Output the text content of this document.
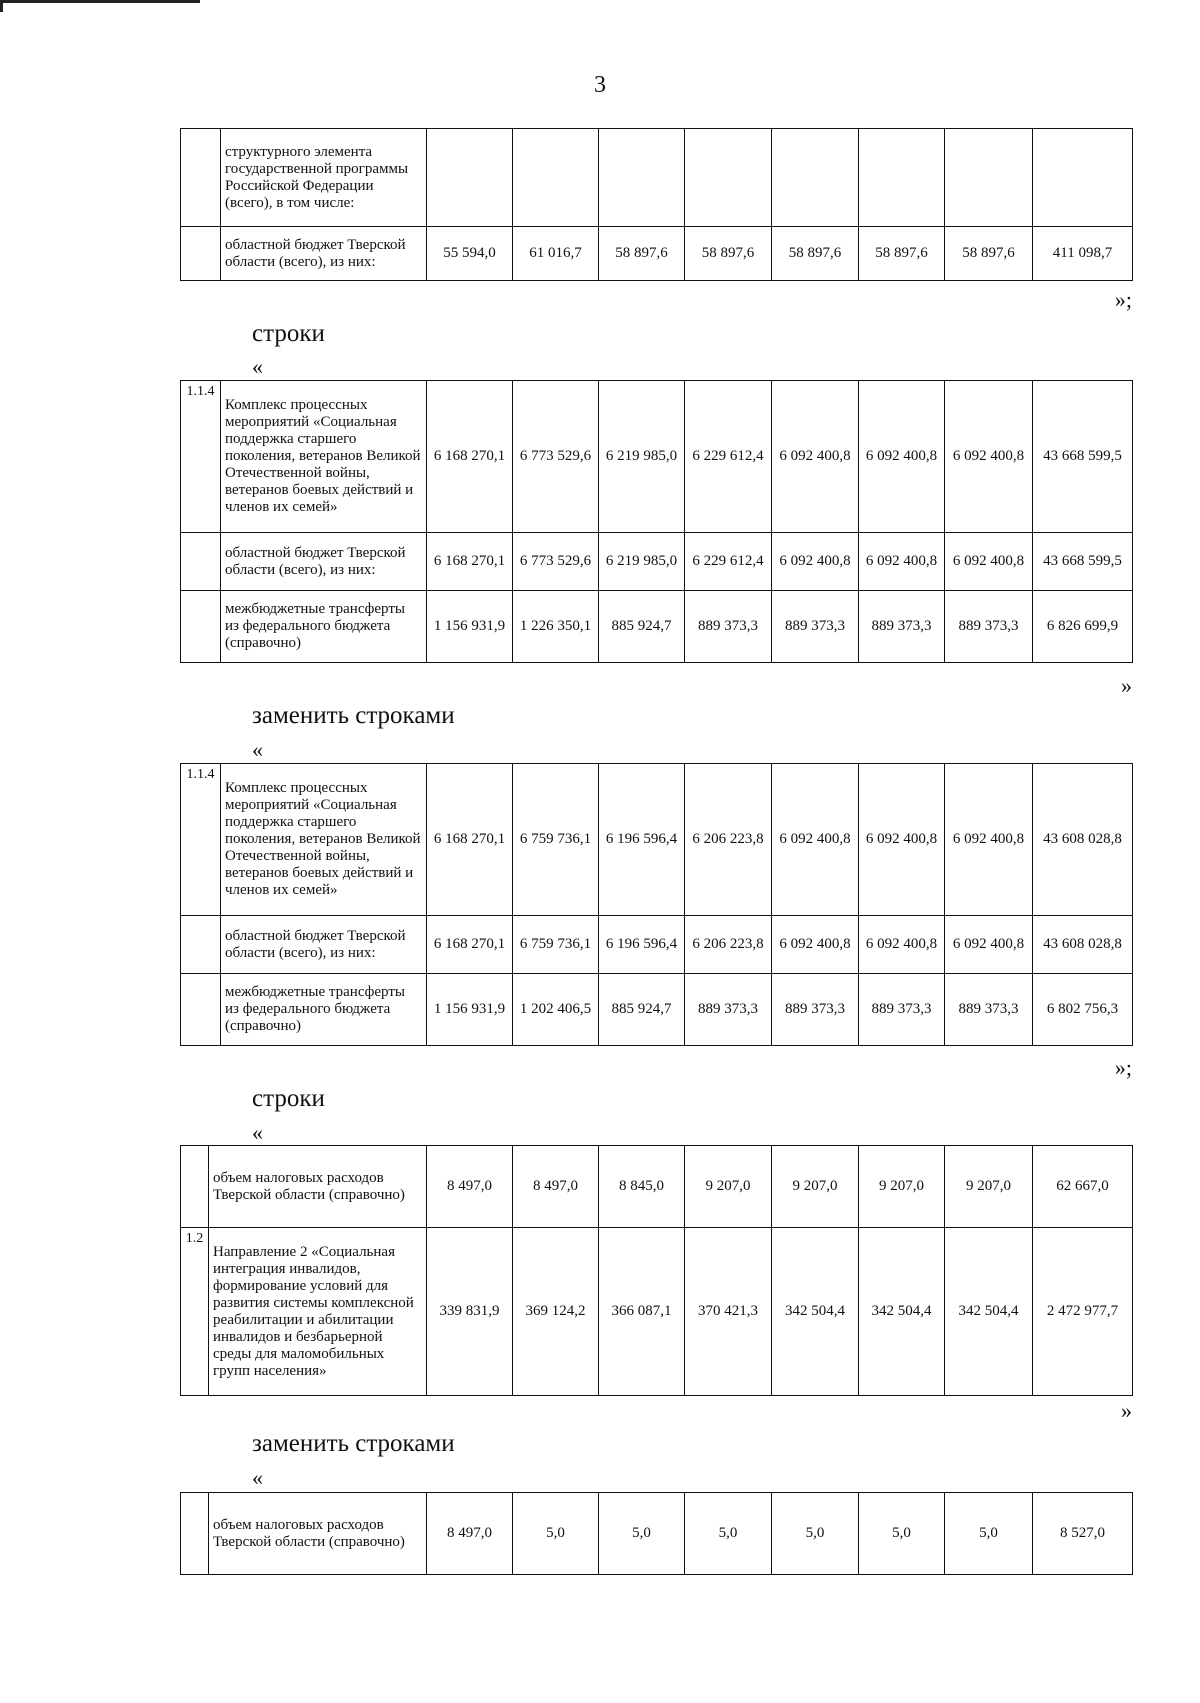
3
	структурного элемента государственной программы Российской Федерации (всего), в том числе:								
	областной бюджет Тверской области (всего), из них:	55 594,0	61 016,7	58 897,6	58 897,6	58 897,6	58 897,6	58 897,6	411 098,7
»;
строки
«
1.1.4	Комплекс процессных мероприятий «Социальная поддержка старшего поколения, ветеранов Великой Отечественной войны, ветеранов боевых действий и членов их семей»	6 168 270,1	6 773 529,6	6 219 985,0	6 229 612,4	6 092 400,8	6 092 400,8	6 092 400,8	43 668 599,5
	областной бюджет Тверской области (всего), из них:	6 168 270,1	6 773 529,6	6 219 985,0	6 229 612,4	6 092 400,8	6 092 400,8	6 092 400,8	43 668 599,5
	межбюджетные трансферты из федерального бюджета (справочно)	1 156 931,9	1 226 350,1	885 924,7	889 373,3	889 373,3	889 373,3	889 373,3	6 826 699,9
»
заменить строками
«
1.1.4	Комплекс процессных мероприятий «Социальная поддержка старшего поколения, ветеранов Великой Отечественной войны, ветеранов боевых действий и членов их семей»	6 168 270,1	6 759 736,1	6 196 596,4	6 206 223,8	6 092 400,8	6 092 400,8	6 092 400,8	43 608 028,8
	областной бюджет Тверской области (всего), из них:	6 168 270,1	6 759 736,1	6 196 596,4	6 206 223,8	6 092 400,8	6 092 400,8	6 092 400,8	43 608 028,8
	межбюджетные трансферты из федерального бюджета (справочно)	1 156 931,9	1 202 406,5	885 924,7	889 373,3	889 373,3	889 373,3	889 373,3	6 802 756,3
»;
строки
«
	объем налоговых расходов Тверской области (справочно)	8 497,0	8 497,0	8 845,0	9 207,0	9 207,0	9 207,0	9 207,0	62 667,0
1.2	Направление 2 «Социальная интеграция инвалидов, формирование условий для развития системы комплексной реабилитации и абилитации инвалидов и безбарьерной среды для маломобильных групп населения»	339 831,9	369 124,2	366 087,1	370 421,3	342 504,4	342 504,4	342 504,4	2 472 977,7
»
заменить строками
«
	объем налоговых расходов Тверской области (справочно)	8 497,0	5,0	5,0	5,0	5,0	5,0	5,0	8 527,0
